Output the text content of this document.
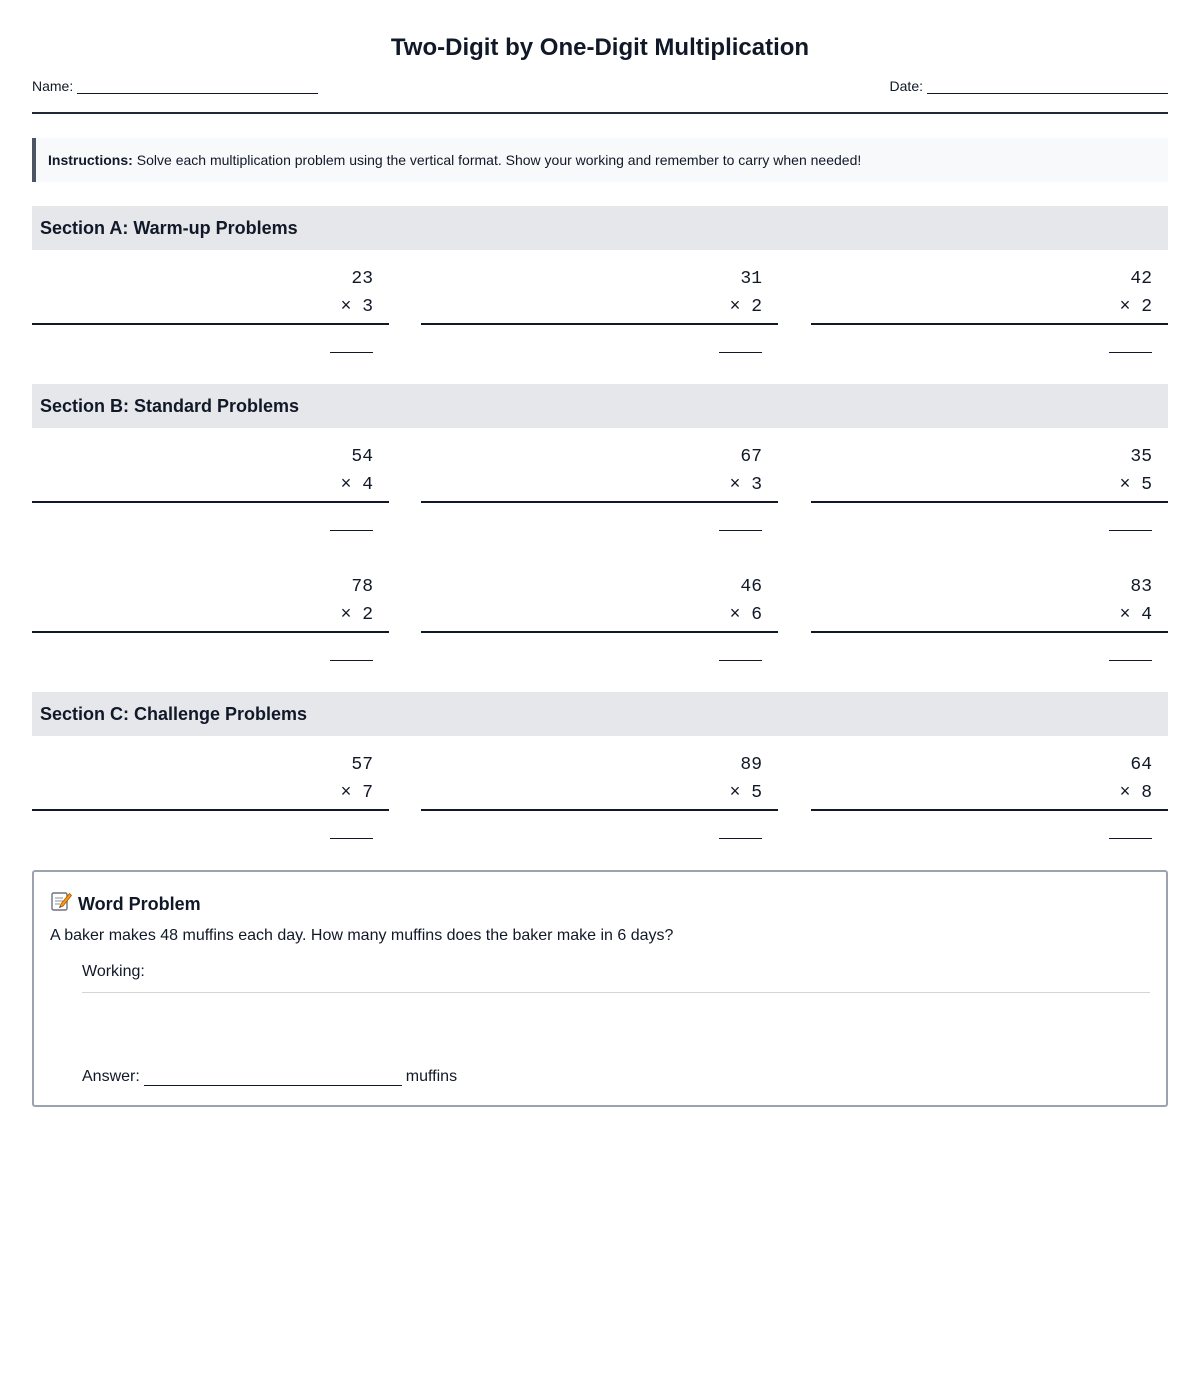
Two-Digit by One-Digit Multiplication
Name:	Date:
Instructions: Solve each multiplication problem using the vertical format. Show your working and remember to carry when needed!
Section A: Warm-up Problems
23
× 3
31
× 2
42
× 2
Section B: Standard Problems
54
× 4
67
× 3
35
× 5
78
× 2
46
× 6
83
× 4
Section C: Challenge Problems
57
× 7
89
× 5
64
× 8
Word Problem
A baker makes 48 muffins each day. How many muffins does the baker make in 6 days?
Working:
Answer:	muffins
